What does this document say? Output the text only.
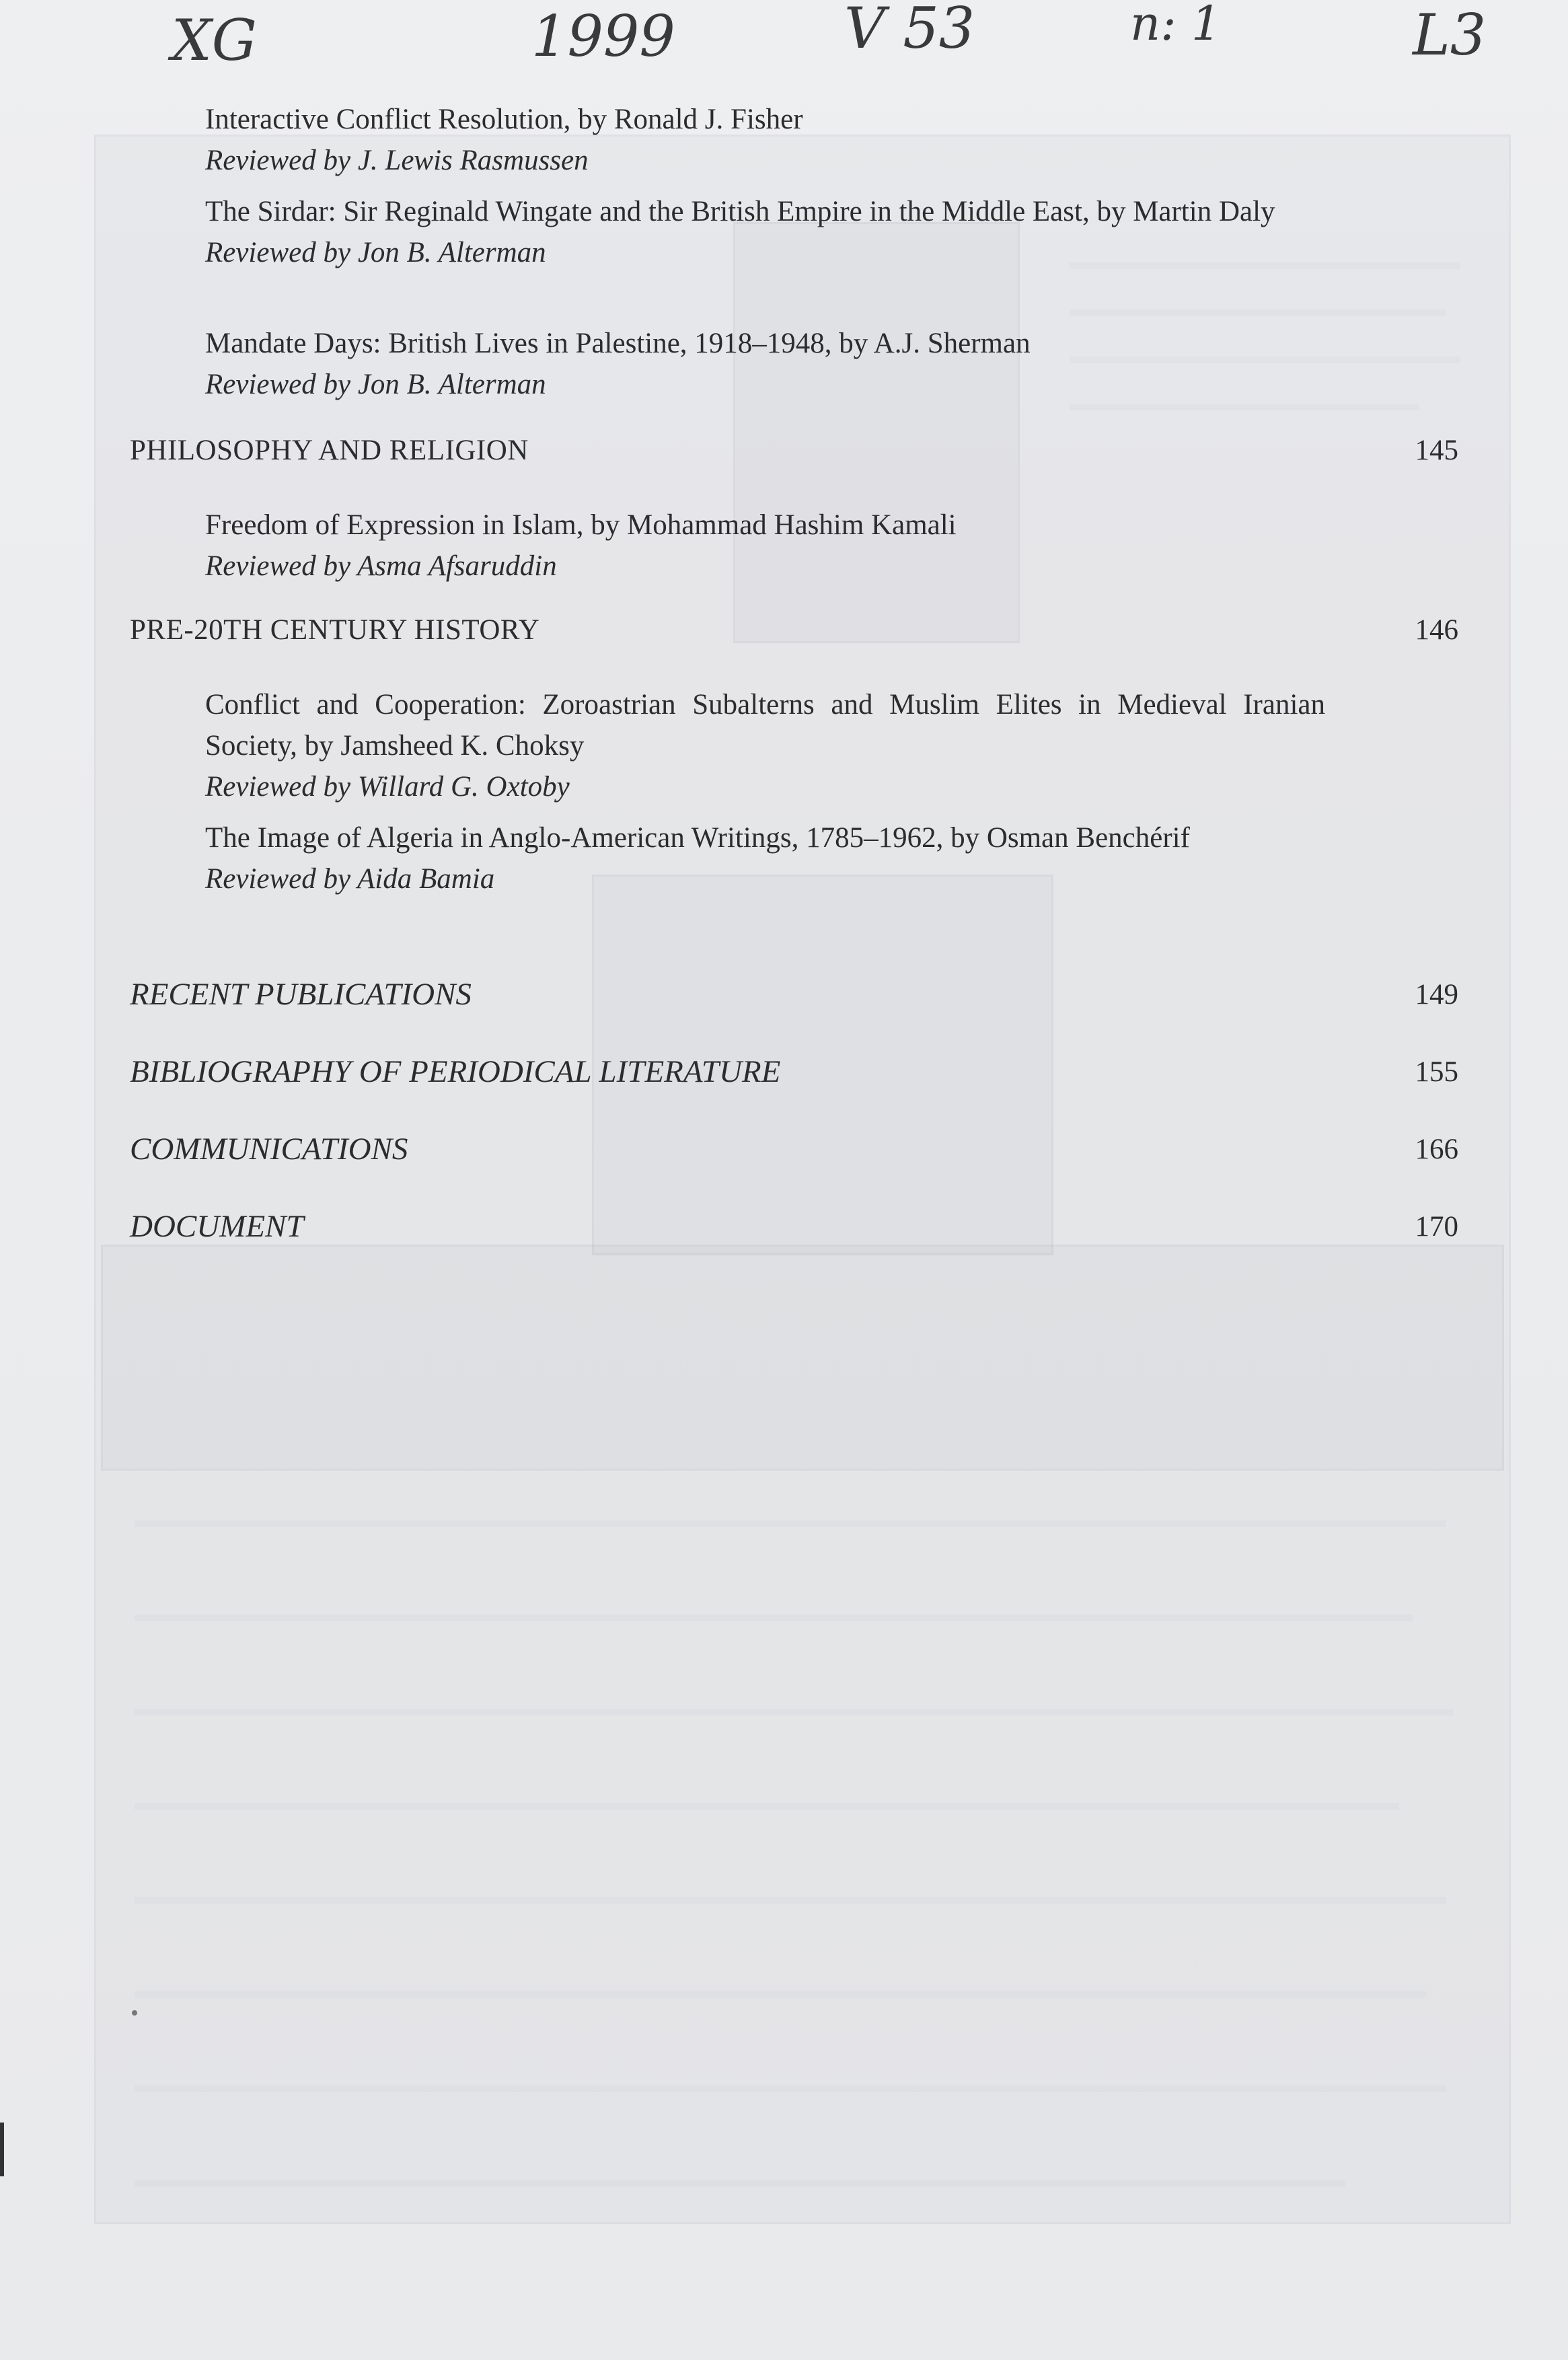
XG	1999	V 53	n: 1	L3
Interactive Conflict Resolution, by Ronald J. Fisher
Reviewed by J. Lewis Rasmussen
The Sirdar: Sir Reginald Wingate and the British Empire in the Middle East, by Martin Daly
Reviewed by Jon B. Alterman
Mandate Days: British Lives in Palestine, 1918–1948, by A.J. Sherman
Reviewed by Jon B. Alterman
PHILOSOPHY AND RELIGION	145
Freedom of Expression in Islam, by Mohammad Hashim Kamali
Reviewed by Asma Afsaruddin
PRE-20TH CENTURY HISTORY	146
Conflict and Cooperation: Zoroastrian Subalterns and Muslim Elites in Medieval Iranian Society, by Jamsheed K. Choksy
Reviewed by Willard G. Oxtoby
The Image of Algeria in Anglo-American Writings, 1785–1962, by Osman Benchérif
Reviewed by Aida Bamia
RECENT PUBLICATIONS	149
BIBLIOGRAPHY OF PERIODICAL LITERATURE	155
COMMUNICATIONS	166
DOCUMENT	170
